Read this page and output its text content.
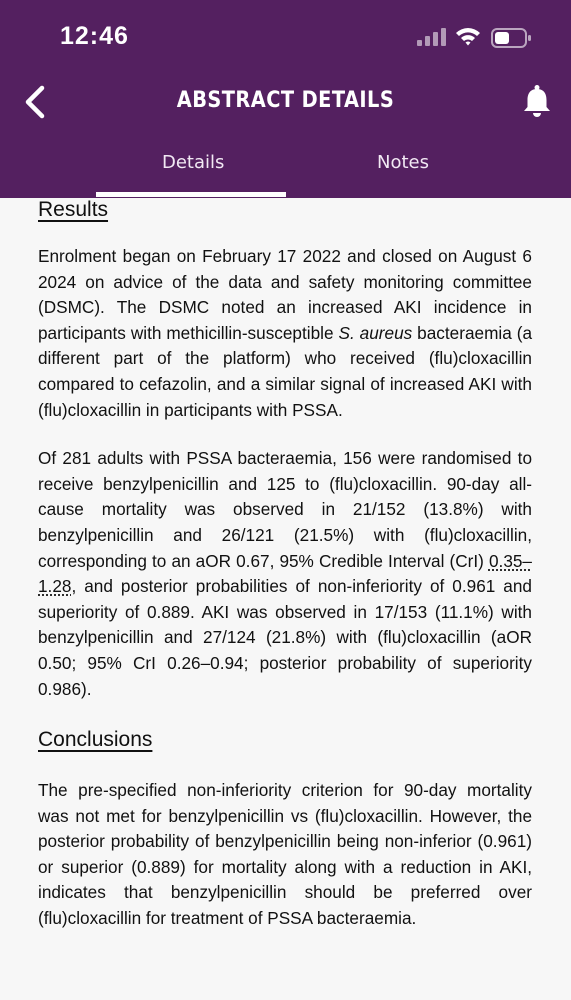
12:46
ABSTRACT DETAILS
Details	Notes
Results

Enrolment began on February 17 2022 and closed on August 6 2024 on advice of the data and safety monitoring committee (DSMC). The DSMC noted an increased AKI incidence in participants with methicillin-susceptible S. aureus bacteraemia (a different part of the platform) who received (flu)cloxacillin compared to cefazolin, and a similar signal of increased AKI with (flu)cloxacillin in participants with PSSA.

Of 281 adults with PSSA bacteraemia, 156 were randomised to receive benzylpenicillin and 125 to (flu)cloxacillin. 90-day all-cause mortality was observed in 21/152 (13.8%) with benzylpenicillin and 26/121 (21.5%) with (flu)cloxacillin, corresponding to an aOR 0.67, 95% Credible Interval (CrI) 0.35–1.28, and posterior probabilities of non-inferiority of 0.961 and superiority of 0.889. AKI was observed in 17/153 (11.1%) with benzylpenicillin and 27/124 (21.8%) with (flu)cloxacillin (aOR 0.50; 95% CrI 0.26–0.94; posterior probability of superiority 0.986).

Conclusions

The pre-specified non-inferiority criterion for 90-day mortality was not met for benzylpenicillin vs (flu)cloxacillin. However, the posterior probability of benzylpenicillin being non-inferior (0.961) or superior (0.889) for mortality along with a reduction in AKI, indicates that benzylpenicillin should be preferred over (flu)cloxacillin for treatment of PSSA bacteraemia.
